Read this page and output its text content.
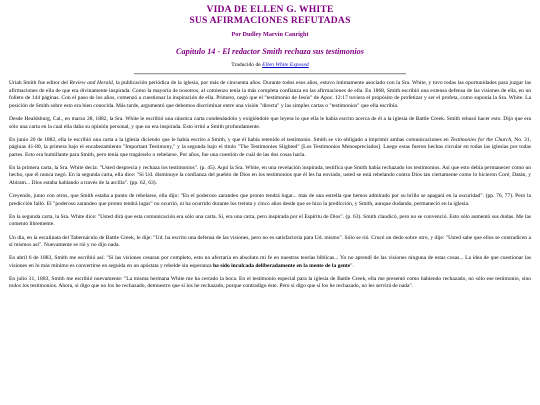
VIDA DE ELLEN G. WHITE
SUS AFIRMACIONES REFUTADAS
Por Dudley Marvin Canright
Capítulo 14 - El redactor Smith rechaza sus testimonios
Traducido de Ellen White Exposed

Uriah Smith fue editor del Review and Herald, la publicación periódica de la iglesia, por más de cincuenta años. Durante todos esos años, estuvo íntimamente asociado con la Sra. White, y tuvo todas las oportunidades para juzgar las afirmaciones de ella de que era divinamente inspirada. Como la mayoría de nosotros, al comienzo tenía la más completa confianza en las afirmaciones de ella. En 1868, Smith escribió una extensa defensa de las visiones de ella, en un folleto de 144 páginas. Con el paso de los años, comenzó a cuestionar la inspiración de ella. Primero, negó que el "testimonio de Jesús" de Apoc. 12:17 tuviera el propósito de profetizar y ser el profeta, como suponía la Sra. White. La posición de Smith sobre esto era bien conocida. Más tarde, argumentó que debemos discriminar entre una visión "directa" y las simples cartas o "testimonios" que ella escribía.

Desde Healdsburg, Cal., en marzo 28, 1882, la Sra. White le escribió una cáustica carta condenándolo y exigiéndole que leyera lo que ella le había escrito acerca de él a la iglesia de Battle Creek. Smith rehusó hacer esto. Dijo que era sólo una carta en la cual ella daba su opinión personal, y que no era inspirada. Esto irritó a Smith profundamente.

En junio 20 de 1882, ella le escribió una carta a la iglesia diciendo que le había escrito a Smith, y que él había retenido el testimonio. Smith se vio obligado a imprimir ambas comunicaciones en Testimonies for the Church, No. 31, páginas 41-80, la primera bajo el encabezamiento "Important Testimony," y la segunda bajo el título "The Testimonies Slighted" [Los Testimonios Menospreciados]. Luego estas fueron hechas circular en todas las iglesias por todas partes. Esto era humillante para Smith, pero tenía que tragárselo o rebelarse. Por años, fue una cuestión de cuál de las dos cosas haría.

En la primera carta, la Sra. White decía: "Usted desprecia y rechaza los testimonios". (p. 45). Aquí la Sra. White, en una revelación inspirada, testifica que Smith había rechazado los testimonios. Así que esto debía permanecer como un hecho, que él nunca negó. En la segunda carta, ella dice: "Si Ud. disminuye la confianza del pueblo de Dios en los testimonios que él les ha enviado, usted se está rebelando contra Dios tan ciertamente como lo hicieron Coré, Datán, y Abiram... Dios estaba hablando a través de la arcilla". (pp. 62, 63).

Creyendo, junto con otros, que Smith estaba a punto de rebelarse, ella dijo: "En el poderoso zarandeo que pronto tendrá lugar... más de una estrella que hemos admirado por su brillo se apagará en la oscuridad". (pp. 76, 77). Pero la predicción falló. El "poderoso zarandeo que pronto tendrá lugar" no ocurrió, ni ha ocurrido durante los treinta y cinco años desde que se hizo la predicción, y Smith, aunque dudando, permaneció en la iglesia.

En la segunda carta, la Sra. White dice: "Usted dirá que esta comunicación era sólo una carta. Sí, era una carta, pero inspirada por el Espíritu de Dios". (p. 63). Smith claudicó, pero no se convenció. Esto sólo aumentó sus dudas. Me las comentó libremente.

Un día, en la escalinata del Tabernáculo de Battle Creek, le dije: "Ud. ha escrito una defensa de las visiones, pero no es satisfactoria para Ud. mismo". Sólo se rió. Crucé un dedo sobre otro, y dije: "Usted sabe que ellos se contradicen a sí mismos así". Nuevamente se rió y no dijo nada.

En abril 6 de 1883, Smith me escribió así: "Si las visiones cesaran por completo, esto no afectaría en absoluto mi fe en nuestras teorías bíblicas... Yo no aprendí de las visiones ninguna de estas cosas... La idea de que cuestionar las visiones en lo más mínimo es convertirse en seguida en un apóstata y rebelde sin esperanza ha sido inculcada deliberadamente en la mente de la gente".

En julio 31, 1883, Smith me escribió nuevamente: "La misma hermana White me ha cerrado la boca. En el testimonio especial para la iglesia de Battle Creek, ella me presentó como habiendo rechazado, no sólo ese testimonio, sino todos los testimonios. Ahora, si digo que no los he rechazado, demuestro que sí los he rechazado, porque contradigo éste. Pero si digo que sí los he rechazado, no les servirá de nada".
